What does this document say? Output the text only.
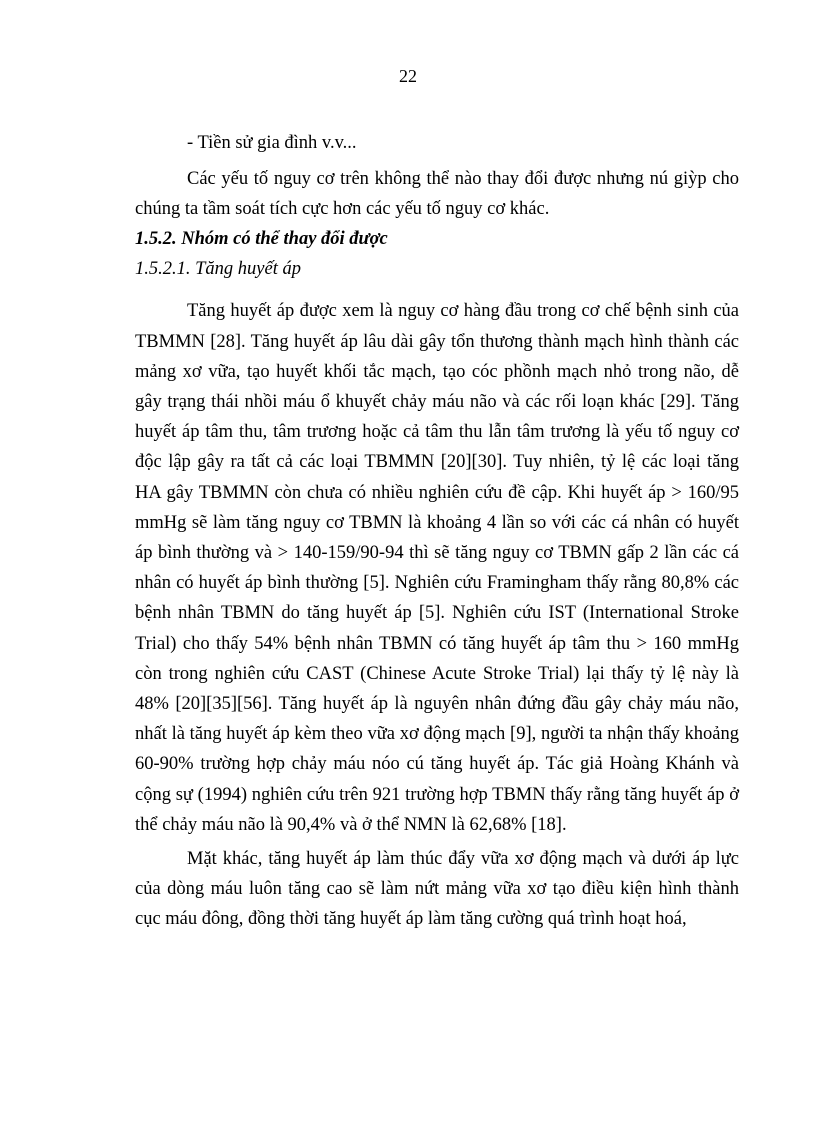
22

- Tiền sử gia đình v.v...

Các yếu tố nguy cơ trên không thể nào thay đổi được nhưng nú giỳp cho chúng ta tầm soát tích cực hơn các yếu tố nguy cơ khác.

1.5.2. Nhóm có thể thay đổi được

1.5.2.1. Tăng huyết áp

Tăng huyết áp được xem là nguy cơ hàng đầu trong cơ chế bệnh sinh của TBMMN [28]. Tăng huyết áp lâu dài gây tổn thương thành mạch hình thành các mảng xơ vữa, tạo huyết khối tắc mạch, tạo cóc phồnh mạch nhỏ trong não, dễ gây trạng thái nhồi máu ổ khuyết chảy máu não và các rối loạn khác [29]. Tăng huyết áp tâm thu, tâm trương hoặc cả tâm thu lẫn tâm trương là yếu tố nguy cơ độc lập gây ra tất cả các loại TBMMN [20][30]. Tuy nhiên, tỷ lệ các loại tăng HA gây TBMMN còn chưa có nhiều nghiên cứu đề cập. Khi huyết áp > 160/95 mmHg sẽ làm tăng nguy cơ TBMN là khoảng 4 lần so với các cá nhân có huyết áp bình thường và > 140-159/90-94 thì sẽ tăng nguy cơ TBMN gấp 2 lần các cá nhân có huyết áp bình thường [5]. Nghiên cứu Framingham thấy rằng 80,8% các bệnh nhân TBMN do tăng huyết áp [5]. Nghiên cứu IST (International Stroke Trial) cho thấy 54% bệnh nhân TBMN có tăng huyết áp tâm thu > 160 mmHg còn trong nghiên cứu CAST (Chinese Acute Stroke Trial) lại thấy tỷ lệ này là 48% [20][35][56]. Tăng huyết áp là nguyên nhân đứng đầu gây chảy máu não, nhất là tăng huyết áp kèm theo vữa xơ động mạch [9], người ta nhận thấy khoảng 60-90% trường hợp chảy máu nóo cú tăng huyết áp. Tác giả Hoàng Khánh và cộng sự (1994) nghiên cứu trên 921 trường hợp TBMN thấy rằng tăng huyết áp ở thể chảy máu não là 90,4% và ở thể NMN là 62,68% [18].

Mặt khác, tăng huyết áp làm thúc đẩy vữa xơ động mạch và dưới áp lực của dòng máu luôn tăng cao sẽ làm nứt mảng vữa xơ tạo điều kiện hình thành cục máu đông, đồng thời tăng huyết áp làm tăng cường quá trình hoạt hoá,
